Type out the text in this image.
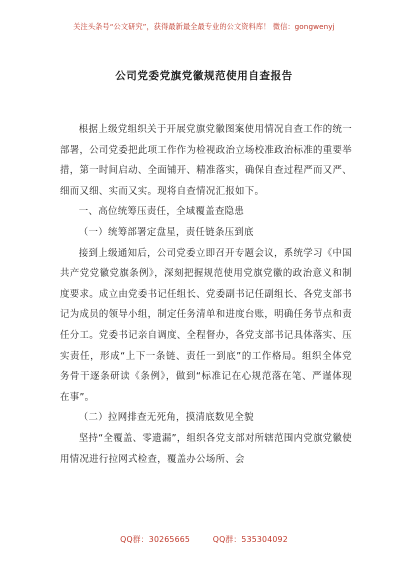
关注头条号“公文研究”，获得最新最全最专业的公文资料库！ 微信：gongwenyj
公司党委党旗党徽规范使用自查报告

根据上级党组织关于开展党旗党徽图案使用情况自查工作的统一部署，公司党委把此项工作作为检视政治立场校准政治标准的重要举措，第一时间启动、全面铺开、精准落实，确保自查过程严而又严、细而又细、实而又实。现将自查情况汇报如下。

一、高位统筹压责任，全域覆盖查隐患

（一）统筹部署定盘星，责任链条压到底

接到上级通知后，公司党委立即召开专题会议，系统学习《中国共产党党徽党旗条例》，深刻把握规范使用党旗党徽的政治意义和制度要求。成立由党委书记任组长、党委副书记任副组长、各党支部书记为成员的领导小组，制定任务清单和进度台账，明确任务节点和责任分工。党委书记亲自调度、全程督办，各党支部书记具体落实、压实责任，形成“上下一条链、责任一到底”的工作格局。组织全体党务骨干逐条研读《条例》，做到“标准记在心规范落在笔、严谨体现在事”。

（二）拉网排查无死角，摸清底数见全貌

坚持“全覆盖、零遗漏”，组织各党支部对所辖范围内党旗党徽使用情况进行拉网式检查，覆盖办公场所、会

QQ群：30265665	QQ群：535304092
